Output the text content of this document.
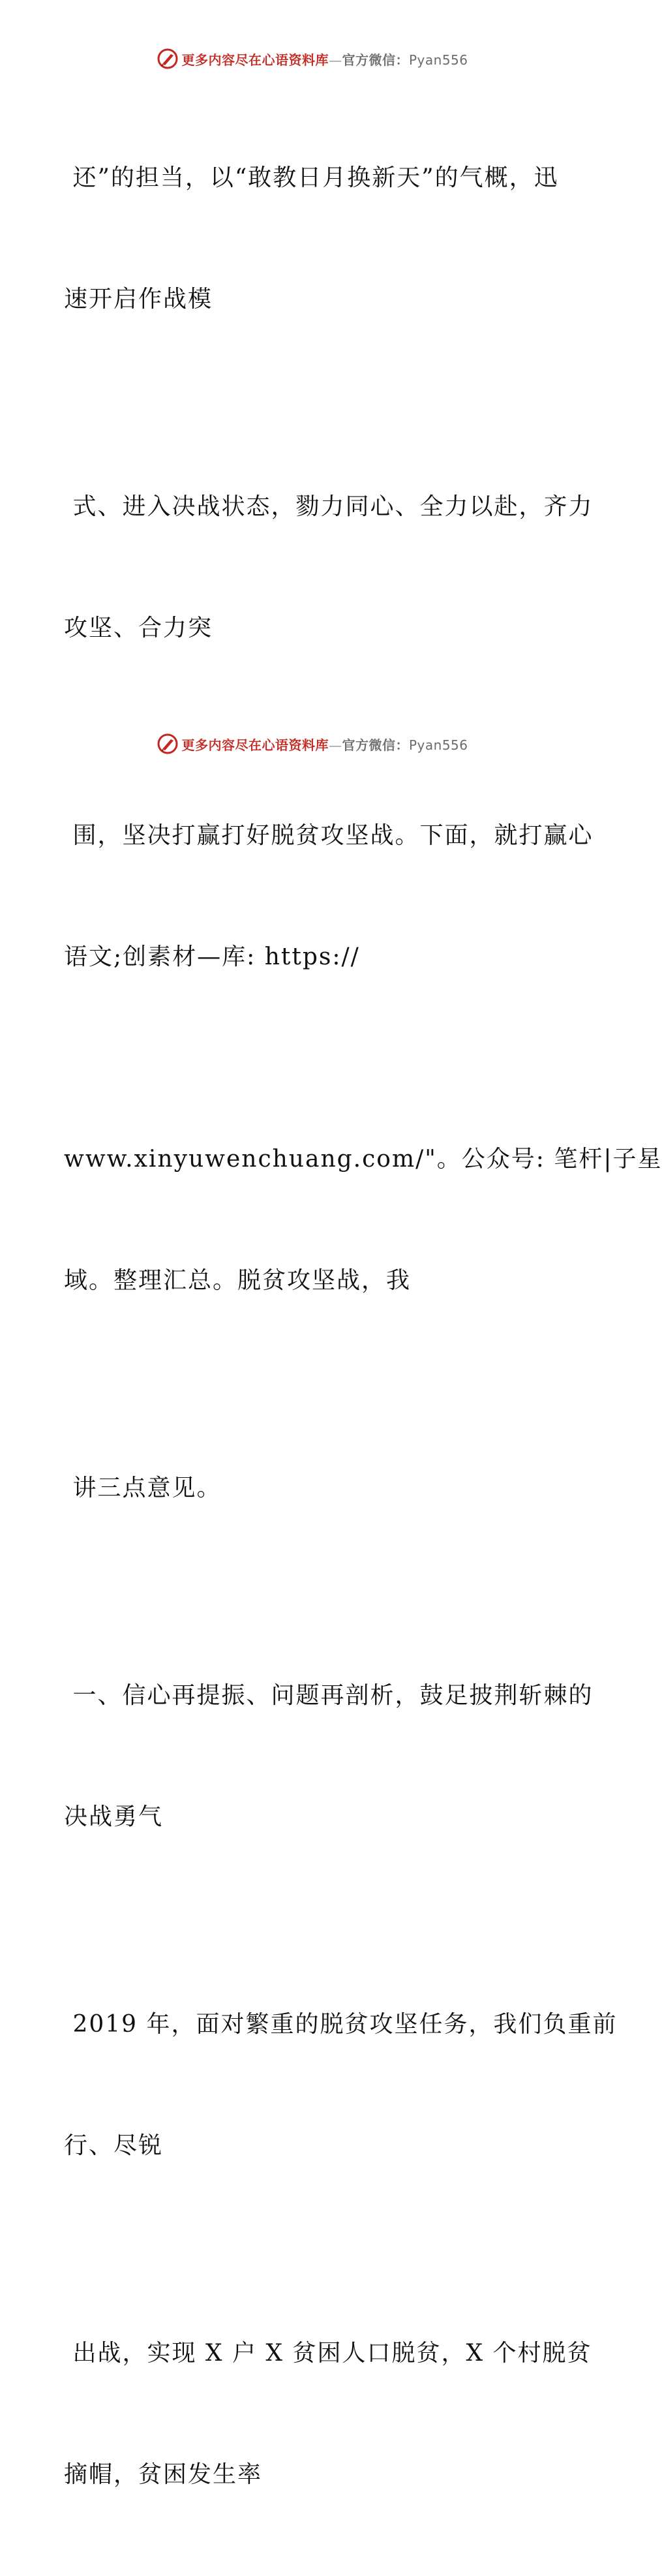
更多内容尽在心语资料库—官方微信：Pyan556

还”的担当，以“敢教日月换新天”的气概，迅

速开启作战模

式、进入决战状态，勠力同心、全力以赴，齐力

攻坚、合力突

围，坚决打赢打好脱贫攻坚战。下面，就打赢心

语文;创素材—库: https://

www.xinyuwenchuang.com/"。公众号: 笔杆|子星

域。整理汇总。脱贫攻坚战，我

讲三点意见。

一、信心再提振、问题再剖析，鼓足披荆斩棘的

决战勇气

2019 年，面对繁重的脱贫攻坚任务，我们负重前

行、尽锐

出战，实现 X 户 X 贫困人口脱贫，X 个村脱贫

摘帽，贫困发生率

更多内容尽在心语资料库—官方微信：Pyan556
